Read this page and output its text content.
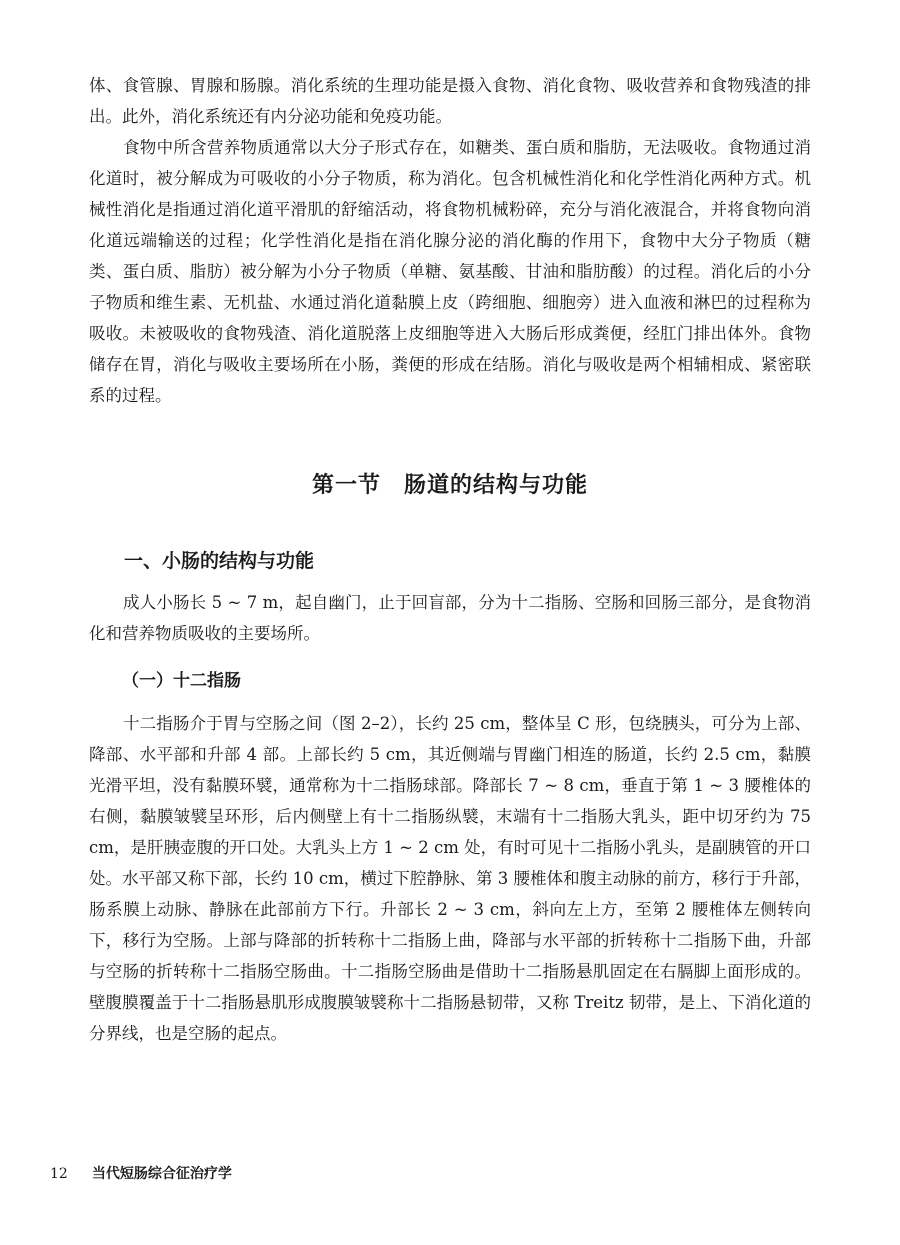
体、食管腺、胃腺和肠腺。消化系统的生理功能是摄入食物、消化食物、吸收营养和食物残渣的排出。此外，消化系统还有内分泌功能和免疫功能。

食物中所含营养物质通常以大分子形式存在，如糖类、蛋白质和脂肪，无法吸收。食物通过消化道时，被分解成为可吸收的小分子物质，称为消化。包含机械性消化和化学性消化两种方式。机械性消化是指通过消化道平滑肌的舒缩活动，将食物机械粉碎，充分与消化液混合，并将食物向消化道远端输送的过程；化学性消化是指在消化腺分泌的消化酶的作用下，食物中大分子物质（糖类、蛋白质、脂肪）被分解为小分子物质（单糖、氨基酸、甘油和脂肪酸）的过程。消化后的小分子物质和维生素、无机盐、水通过消化道黏膜上皮（跨细胞、细胞旁）进入血液和淋巴的过程称为吸收。未被吸收的食物残渣、消化道脱落上皮细胞等进入大肠后形成粪便，经肛门排出体外。食物储存在胃，消化与吸收主要场所在小肠，粪便的形成在结肠。消化与吸收是两个相辅相成、紧密联系的过程。

第一节　肠道的结构与功能
一、小肠的结构与功能

成人小肠长 5 ~ 7 m，起自幽门，止于回盲部，分为十二指肠、空肠和回肠三部分，是食物消化和营养物质吸收的主要场所。

（一）十二指肠

十二指肠介于胃与空肠之间（图 2–2），长约 25 cm，整体呈 C 形，包绕胰头，可分为上部、降部、水平部和升部 4 部。上部长约 5 cm，其近侧端与胃幽门相连的肠道，长约 2.5 cm，黏膜光滑平坦，没有黏膜环襞，通常称为十二指肠球部。降部长 7 ~ 8 cm，垂直于第 1 ~ 3 腰椎体的右侧，黏膜皱襞呈环形，后内侧壁上有十二指肠纵襞，末端有十二指肠大乳头，距中切牙约为 75 cm，是肝胰壶腹的开口处。大乳头上方 1 ~ 2 cm 处，有时可见十二指肠小乳头，是副胰管的开口处。水平部又称下部，长约 10 cm，横过下腔静脉、第 3 腰椎体和腹主动脉的前方，移行于升部，肠系膜上动脉、静脉在此部前方下行。升部长 2 ~ 3 cm，斜向左上方，至第 2 腰椎体左侧转向下，移行为空肠。上部与降部的折转称十二指肠上曲，降部与水平部的折转称十二指肠下曲，升部与空肠的折转称十二指肠空肠曲。十二指肠空肠曲是借助十二指肠悬肌固定在右膈脚上面形成的。壁腹膜覆盖于十二指肠悬肌形成腹膜皱襞称十二指肠悬韧带，又称 Treitz 韧带，是上、下消化道的分界线，也是空肠的起点。

12 当代短肠综合征治疗学
